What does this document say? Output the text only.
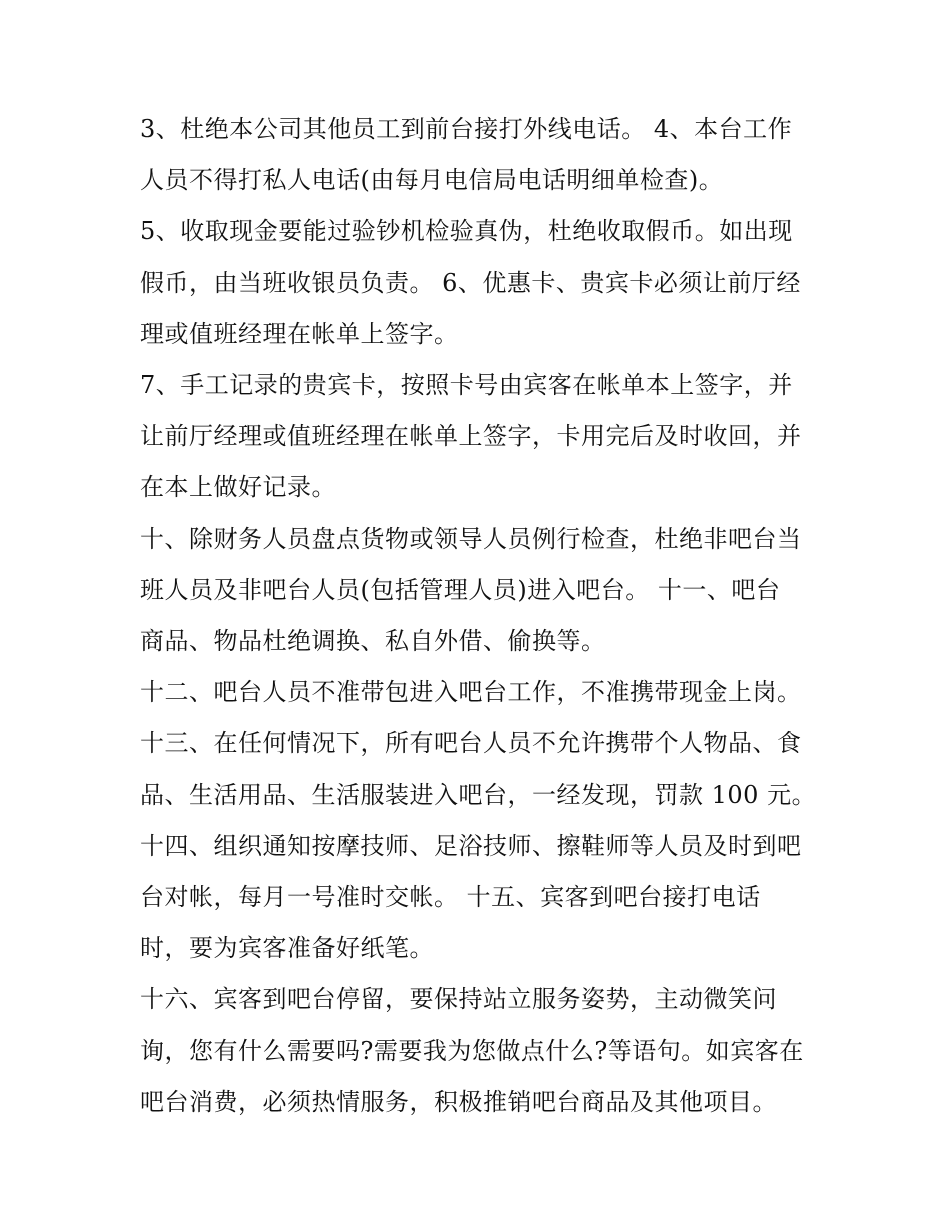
3、杜绝本公司其他员工到前台接打外线电话。 4、本台工作
人员不得打私人电话(由每月电信局电话明细单检查)。

5、收取现金要能过验钞机检验真伪，杜绝收取假币。如出现
假币，由当班收银员负责。 6、优惠卡、贵宾卡必须让前厅经
理或值班经理在帐单上签字。

7、手工记录的贵宾卡，按照卡号由宾客在帐单本上签字，并
让前厅经理或值班经理在帐单上签字，卡用完后及时收回，并
在本上做好记录。

十、除财务人员盘点货物或领导人员例行检查，杜绝非吧台当
班人员及非吧台人员(包括管理人员)进入吧台。 十一、吧台
商品、物品杜绝调换、私自外借、偷换等。

十二、吧台人员不准带包进入吧台工作，不准携带现金上岗。

十三、在任何情况下，所有吧台人员不允许携带个人物品、食
品、生活用品、生活服装进入吧台，一经发现，罚款 100 元。

十四、组织通知按摩技师、足浴技师、擦鞋师等人员及时到吧
台对帐，每月一号准时交帐。 十五、宾客到吧台接打电话
时，要为宾客准备好纸笔。

十六、宾客到吧台停留，要保持站立服务姿势，主动微笑问
询，您有什么需要吗?需要我为您做点什么?等语句。如宾客在
吧台消费，必须热情服务，积极推销吧台商品及其他项目。
